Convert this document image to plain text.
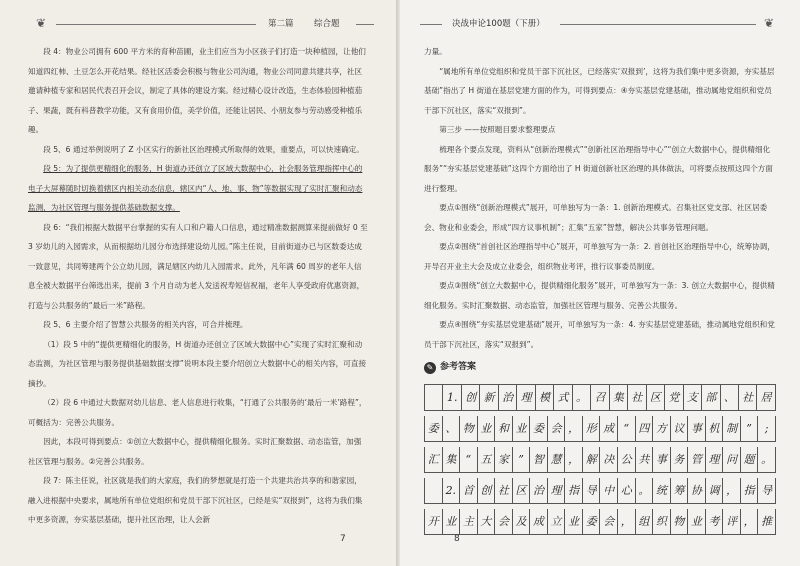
❦	第二篇 综合题

段 4：物业公司拥有 600 平方米的育种苗圃，业主们应当为小区孩子们打造一块种植园，让他们知道四红柿、土豆怎么开花结果。经社区活委会积极与物业公司沟通，物业公司同意共建共享，社区邀请种植专家和居民代表召开会议，制定了具体的建设方案。经过精心设计改造，生态体验园种植茄子、果蔬，既有科普教学功能，又有食用价值，美学价值，还能让居民、小朋友参与劳动感受种植乐趣。

段 5、6 通过举例说明了 Z 小区实行的新社区治理模式所取得的效果，重要点，可以快速确定。

段 5：为了提供更精细化的服务，H 街道办还创立了区域大数据中心，社会服务管理指挥中心的电子大屏幕随时切换着辖区内相关动态信息，辖区内“人、地、事、物”等数据实现了实时汇聚和动态监测，为社区管理与服务提供基础数据支撑。

段 6：“我们根据大数据平台掌握的实有人口和户籍人口信息，通过精准数据测算来提前做好 0 至 3 岁幼儿的入园需求，从而根据幼儿园分布选择建设幼儿园。”陈主任说，目前街道办已与区数委达成一致意见，共同筹建两个公立幼儿园，满足辖区内幼儿入园需求。此外，凡年满 60 周岁的老年人信息全被大数据平台筛选出来，提前 3 个月自动为老人发送祝寿短信祝福，老年人享受政府优惠资源，打造与公共服务的“最后一米”路程。

段 5、6 主要介绍了智慧公共服务的相关内容，可合并梳理。

（1）段 5 中的“提供更精细化的服务，H 街道办还创立了区域大数据中心”实现了实时汇聚和动态监测，为社区管理与服务提供基础数据支撑”说明本段主要介绍创立大数据中心的相关内容，可直接摘抄。

（2）段 6 中通过大数据对幼儿信息、老人信息进行收集，“打通了公共服务的‘最后一米’路程”，可概括为：完善公共服务。

因此，本段可得到要点：①创立大数据中心，提供精细化服务。实时汇聚数据、动态监管，加强社区管理与服务。②完善公共服务。

段 7：陈主任说，社区就是我们的大家庭，我们的梦想就是打造一个共建共治共享的和谐家园，融入进根据中央要求，属地所有单位党组织和党员干部下沉社区，已经是实“双报到”，这将为我们集中更多资源，夯实基层基础，提升社区治理，让人会新

7
决战申论100题（下册）	❦

力量。

“属地所有单位党组织和党员干部下沉社区，已经落实‘双报到’，这将为我们集中更多资源，夯实基层基础”指出了 H 街道在基层党建方面的作为，可得到要点：④夯实基层党建基础，推动属地党组织和党员干部下沉社区，落实“双报到”。

第三步 ——按照题目要求整理要点

梳理各个要点发现，资料从“创新治理模式”“创新社区治理指导中心”“创立大数据中心，提供精细化服务”“夯实基层党建基础”这四个方面给出了 H 街道创新社区治理的具体做法，可将要点按照这四个方面进行整理。

要点①围绕“创新治理模式”展开，可单独写为一条：1. 创新治理模式。召集社区党支部、社区居委会、物业和业委会，形成“四方议事机制”；汇集“五家”智慧，解决公共事务管理问题。

要点②围绕“首创社区治理指导中心”展开，可单独写为一条：2. 首创社区治理指导中心，统筹协调，开导召开业主大会及成立业委会，组织物业考评，推行议事委员制度。

要点③围绕“创立大数据中心，提供精细化服务”展开，可单独写为一条：3. 创立大数据中心，提供精细化服务。实时汇聚数据、动态监管，加强社区管理与服务、完善公共服务。

要点④围绕“夯实基层党建基础”展开，可单独写为一条：4. 夯实基层党建基础，推动属地党组织和党员干部下沉社区，落实“双报到”。

✎ 参考答案
1. 创 新 治 理 模 式 。 召 集 社 区 党 支 部 、 社 居
委 、 物 业 和 业 委 会 ， 形 成 “ 四 方 议 事 机 制 ”	;
汇 集 “ 五 家 ” 智 慧 ， 解 决 公 共 事 务 管 理 问 题 。
2. 首 创 社 区 治 理 指 导 中 心 。 统 筹 协 调 ， 指 导
开 业 主 大 会 及 成 立 业 委 会 ， 组 织 物 业 考 评 ， 推
8
